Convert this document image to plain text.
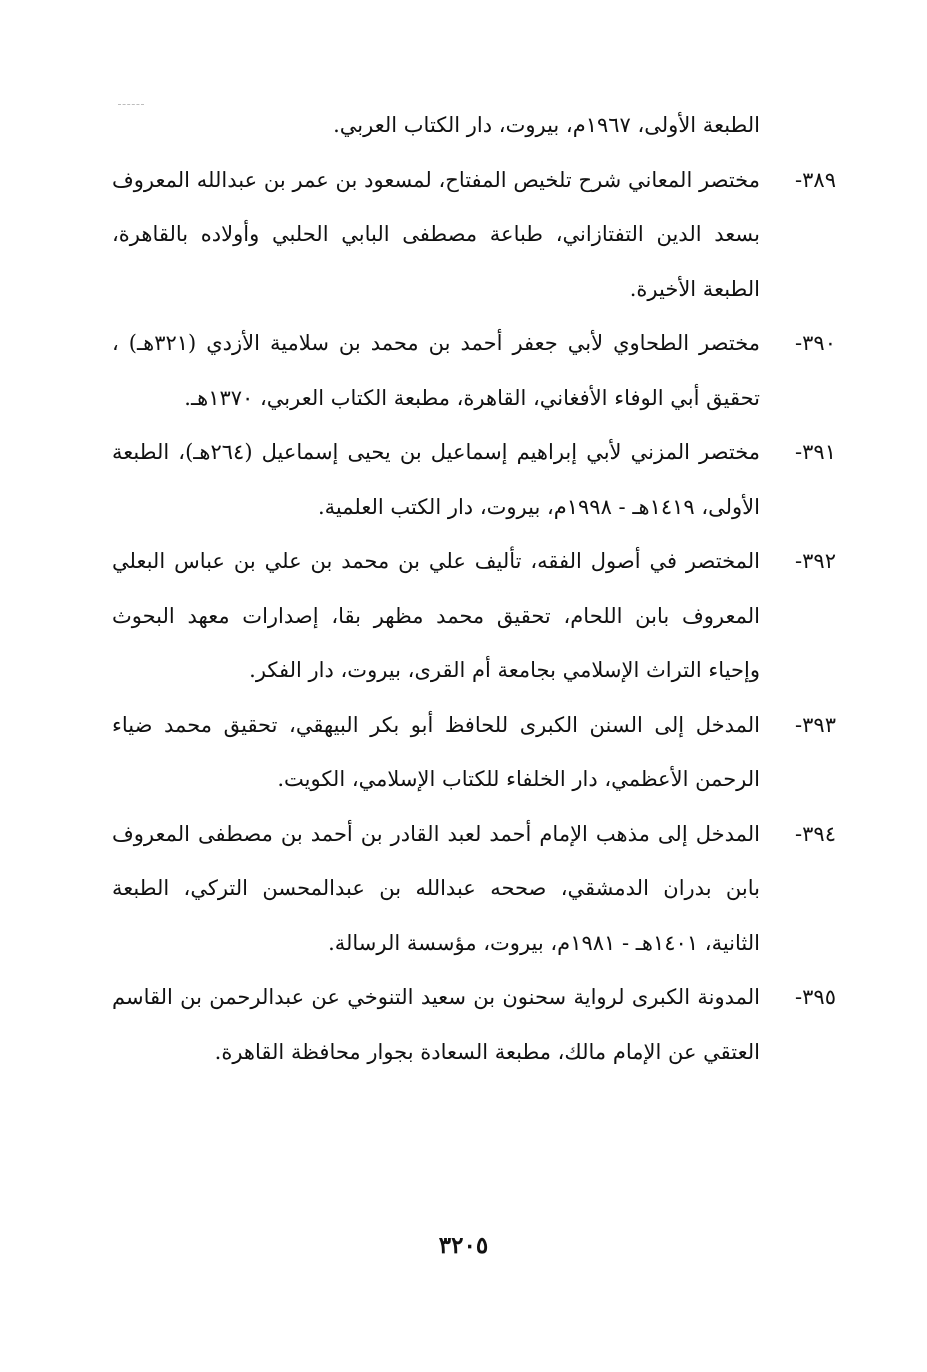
الطبعة الأولى، ١٩٦٧م، بيروت، دار الكتاب العربي.

٣٨٩-مختصر المعاني شرح تلخيص المفتاح، لمسعود بن عمر بن عبدالله المعروف بسعد الدين التفتازاني، طباعة مصطفى البابي الحلبي وأولاده بالقاهرة، الطبعة الأخيرة.

٣٩٠-مختصر الطحاوي لأبي جعفر أحمد بن محمد بن سلامية الأزدي (٣٢١هـ) ، تحقيق أبي الوفاء الأفغاني، القاهرة، مطبعة الكتاب العربي، ١٣٧٠هـ.

٣٩١-مختصر المزني لأبي إبراهيم إسماعيل بن يحيى إسماعيل (٢٦٤هـ)، الطبعة الأولى، ١٤١٩هـ - ١٩٩٨م، بيروت، دار الكتب العلمية.

٣٩٢-المختصر في أصول الفقه، تأليف علي بن محمد بن علي بن عباس البعلي المعروف بابن اللحام، تحقيق محمد مظهر بقا، إصدارات معهد البحوث وإحياء التراث الإسلامي بجامعة أم القرى، بيروت، دار الفكر.

٣٩٣-المدخل إلى السنن الكبرى للحافظ أبو بكر البيهقي، تحقيق محمد ضياء الرحمن الأعظمي، دار الخلفاء للكتاب الإسلامي، الكويت.

٣٩٤-المدخل إلى مذهب الإمام أحمد لعبد القادر بن أحمد بن مصطفى المعروف بابن بدران الدمشقي، صححه عبدالله بن عبدالمحسن التركي، الطبعة الثانية، ١٤٠١هـ - ١٩٨١م، بيروت، مؤسسة الرسالة.

٣٩٥-المدونة الكبرى لرواية سحنون بن سعيد التنوخي عن عبدالرحمن بن القاسم العتقي عن الإمام مالك، مطبعة السعادة بجوار محافظة القاهرة.

٣٢٠٥
